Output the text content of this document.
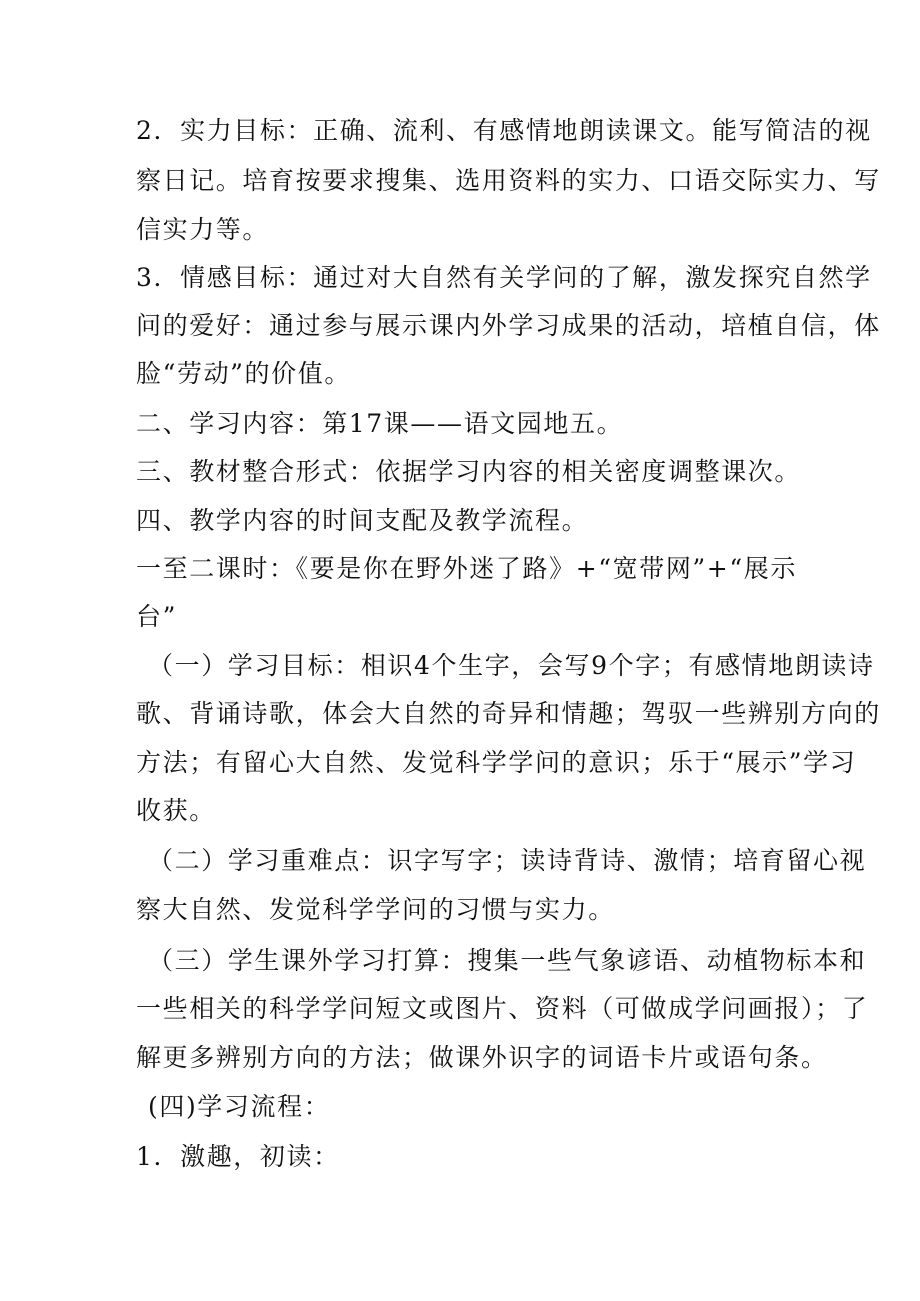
2．实力目标：正确、流利、有感情地朗读课文。能写简洁的视
察日记。培育按要求搜集、选用资料的实力、口语交际实力、写
信实力等。
3．情感目标：通过对大自然有关学问的了解，激发探究自然学
问的爱好：通过参与展示课内外学习成果的活动，培植自信，体
脸“劳动”的价值。
二、学习内容：第17课——语文园地五。
三、教材整合形式：依据学习内容的相关密度调整课次。
四、教学内容的时间支配及教学流程。
一至二课时：《要是你在野外迷了路》+“宽带网”+“展示
台”
（一）学习目标：相识4个生字，会写9个字；有感情地朗读诗
歌、背诵诗歌，体会大自然的奇异和情趣；驾驭一些辨别方向的
方法；有留心大自然、发觉科学学问的意识；乐于“展示”学习
收获。
（二）学习重难点：识字写字；读诗背诗、激情；培育留心视
察大自然、发觉科学学问的习惯与实力。
（三）学生课外学习打算：搜集一些气象谚语、动植物标本和
一些相关的科学学问短文或图片、资料（可做成学问画报）；了
解更多辨别方向的方法；做课外识字的词语卡片或语句条。
(四)学习流程：
1．激趣，初读：
